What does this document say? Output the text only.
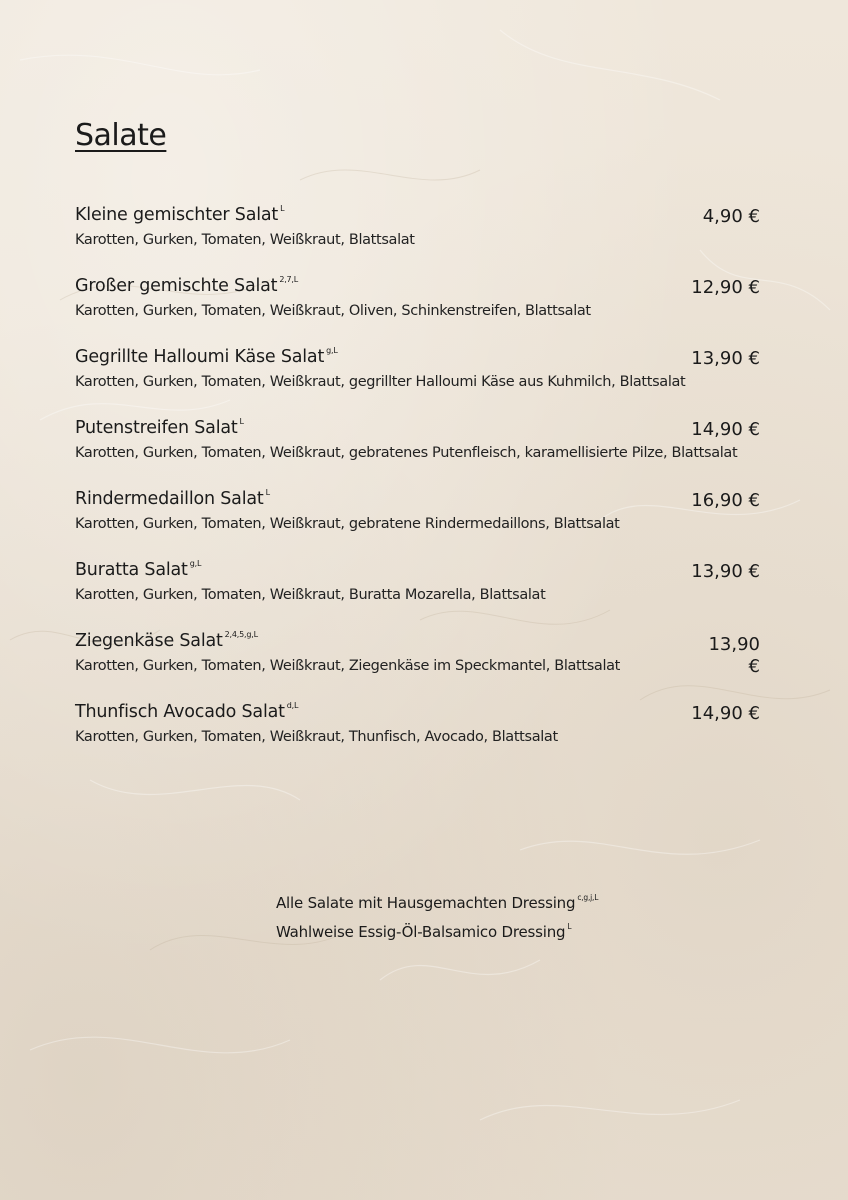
Salate
Kleine gemischter Salat $^L$	4,90 €
Karotten, Gurken, Tomaten, Weißkraut, Blattsalat
Großer gemischte Salat $^{2,7,L}$	12,90 €
Karotten, Gurken, Tomaten, Weißkraut, Oliven, Schinkenstreifen, Blattsalat
Gegrillte Halloumi Käse Salat $^{g,L}$	13,90 €
Karotten, Gurken, Tomaten, Weißkraut, gegrillter Halloumi Käse aus Kuhmilch, Blattsalat
Putenstreifen Salat $^L$	14,90 €
Karotten, Gurken, Tomaten, Weißkraut, gebratenes Putenfleisch, karamellisierte Pilze, Blattsalat
Rindermedaillon Salat $^L$	16,90 €
Karotten, Gurken, Tomaten, Weißkraut, gebratene Rindermedaillons, Blattsalat
Buratta Salat $^{g,L}$	13,90 €
Karotten, Gurken, Tomaten, Weißkraut, Buratta Mozarella, Blattsalat
Ziegenkäse Salat $^{2,4,5,g,L}$	13,90 €
Karotten, Gurken, Tomaten, Weißkraut, Ziegenkäse im Speckmantel, Blattsalat
Thunfisch Avocado Salat $^{d,L}$	14,90 €
Karotten, Gurken, Tomaten, Weißkraut, Thunfisch, Avocado, Blattsalat
Alle Salate mit Hausgemachten Dressing $^{c,g,j,L}$
Wahlweise Essig-Öl-Balsamico Dressing $^L$
